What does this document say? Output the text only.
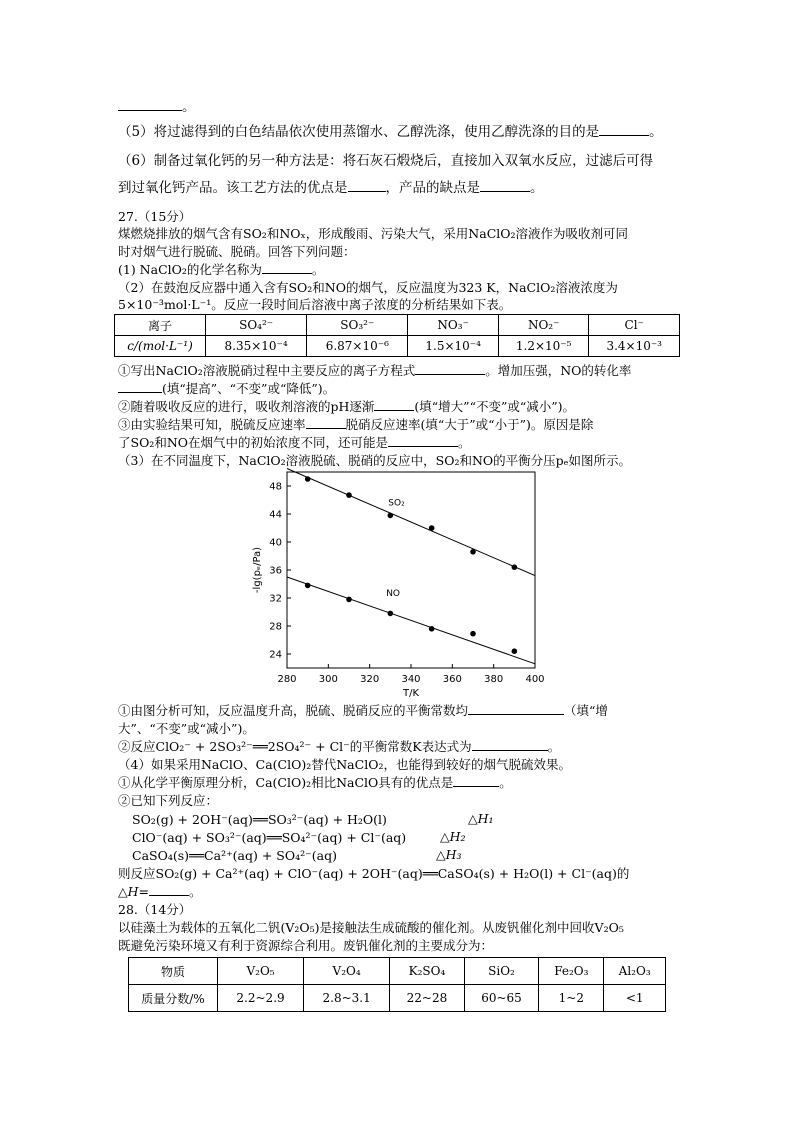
。
（5）将过滤得到的白色结晶依次使用蒸馏水、乙醇洗涤，使用乙醇洗涤的目的是	。
（6）制备过氧化钙的另一种方法是：将石灰石煅烧后，直接加入双氧水反应，过滤后可得
到过氧化钙产品。该工艺方法的优点是	，产品的缺点是	。
27.（15分）
煤燃烧排放的烟气含有SO₂和NOₓ，形成酸雨、污染大气，采用NaClO₂溶液作为吸收剂可同
时对烟气进行脱硫、脱硝。回答下列问题：
(1) NaClO₂的化学名称为	。
（2）在鼓泡反应器中通入含有SO₂和NO的烟气，反应温度为323 K，NaClO₂溶液浓度为
5×10⁻³mol·L⁻¹。反应一段时间后溶液中离子浓度的分析结果如下表。
离子	SO₄²⁻	SO₃²⁻	NO₃⁻	NO₂⁻	Cl⁻
c/(mol·L⁻¹)	8.35×10⁻⁴	6.87×10⁻⁶	1.5×10⁻⁴	1.2×10⁻⁵	3.4×10⁻³
①写出NaClO₂溶液脱硝过程中主要反应的离子方程式	。增加压强，NO的转化率
(填“提高”、“不变”或“降低”)。
②随着吸收反应的进行，吸收剂溶液的pH逐渐	(填“增大”“不变”或“减小”)。
③由实验结果可知，脱硫反应速率	脱硝反应速率(填“大于”或“小于”)。原因是除
了SO₂和NO在烟气中的初始浓度不同，还可能是	。
（3）在不同温度下，NaClO₂溶液脱硫、脱硝的反应中，SO₂和NO的平衡分压pₑ如图所示。
280 300 320 340 360 380 400
24
28
32
36
40
44
48
T/K
-lg(pₑ/Pa)
SO₂
NO
①由图分析可知，反应温度升高，脱硫、脱硝反应的平衡常数均	（填“增
大”、“不变”或“减小”)。
②反应ClO₂⁻ + 2SO₃²⁻══2SO₄²⁻ + Cl⁻的平衡常数K表达式为	。
（4）如果采用NaClO、Ca(ClO)₂替代NaClO₂，也能得到较好的烟气脱硫效果。
①从化学平衡原理分析，Ca(ClO)₂相比NaClO具有的优点是	。
②已知下列反应：
SO₂(g) + 2OH⁻(aq)══SO₃²⁻(aq) + H₂O(l)	△H₁
ClO⁻(aq) + SO₃²⁻(aq)══SO₄²⁻(aq) + Cl⁻(aq)	△H₂
CaSO₄(s)══Ca²⁺(aq) + SO₄²⁻(aq)	△H₃
则反应SO₂(g) + Ca²⁺(aq) + ClO⁻(aq) + 2OH⁻(aq)══CaSO₄(s) + H₂O(l) + Cl⁻(aq)的
△H=	。
28.（14分）
以硅藻土为载体的五氧化二钒(V₂O₅)是接触法生成硫酸的催化剂。从废钒催化剂中回收V₂O₅
既避免污染环境又有利于资源综合利用。废钒催化剂的主要成分为：
物质	V₂O₅	V₂O₄	K₂SO₄	SiO₂	Fe₂O₃	Al₂O₃
质量分数/%	2.2~2.9	2.8~3.1	22~28	60~65	1~2	<1
